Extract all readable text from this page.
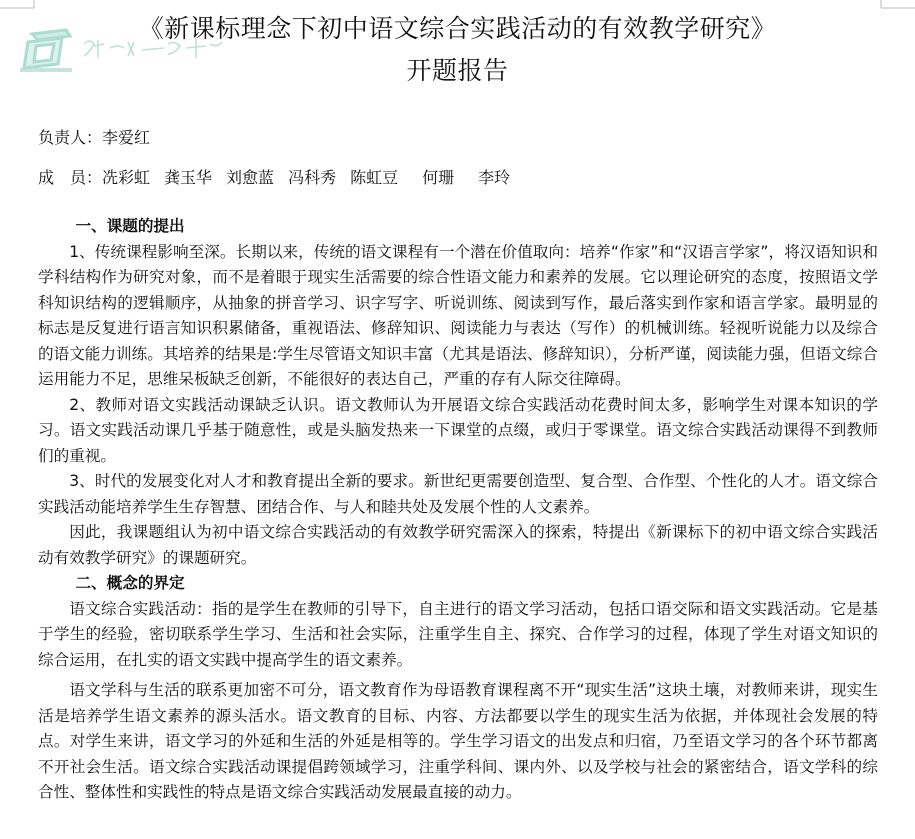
《新课标理念下初中语文综合实践活动的有效教学研究》
开题报告
负责人：李爱红
成　员：冼彩虹 龚玉华 刘愈蓝 冯科秀 陈虹豆 何珊 李玲
一、课题的提出

1、传统课程影响至深。长期以来，传统的语文课程有一个潜在价值取向：培养“作家”和“汉语言学家”，将汉语知识和学科结构作为研究对象，而不是着眼于现实生活需要的综合性语文能力和素养的发展。它以理论研究的态度，按照语文学科知识结构的逻辑顺序，从抽象的拼音学习、识字写字、听说训练、阅读到写作，最后落实到作家和语言学家。最明显的标志是反复进行语言知识积累储备，重视语法、修辞知识、阅读能力与表达（写作）的机械训练。轻视听说能力以及综合的语文能力训练。其培养的结果是:学生尽管语文知识丰富（尤其是语法、修辞知识），分析严谨，阅读能力强，但语文综合运用能力不足，思维呆板缺乏创新，不能很好的表达自己，严重的存有人际交往障碍。

2、教师对语文实践活动课缺乏认识。语文教师认为开展语文综合实践活动花费时间太多，影响学生对课本知识的学习。语文实践活动课几乎基于随意性，或是头脑发热来一下课堂的点缀，或归于零课堂。语文综合实践活动课得不到教师们的重视。

3、时代的发展变化对人才和教育提出全新的要求。新世纪更需要创造型、复合型、合作型、个性化的人才。语文综合实践活动能培养学生生存智慧、团结合作、与人和睦共处及发展个性的人文素养。

因此，我课题组认为初中语文综合实践活动的有效教学研究需深入的探索，特提出《新课标下的初中语文综合实践活动有效教学研究》的课题研究。

二、概念的界定

语文综合实践活动：指的是学生在教师的引导下，自主进行的语文学习活动，包括口语交际和语文实践活动。它是基于学生的经验，密切联系学生学习、生活和社会实际，注重学生自主、探究、合作学习的过程，体现了学生对语文知识的综合运用，在扎实的语文实践中提高学生的语文素养。

语文学科与生活的联系更加密不可分，语文教育作为母语教育课程离不开“现实生活”这块土壤，对教师来讲，现实生活是培养学生语文素养的源头活水。语文教育的目标、内容、方法都要以学生的现实生活为依据，并体现社会发展的特点。对学生来讲，语文学习的外延和生活的外延是相等的。学生学习语文的出发点和归宿，乃至语文学习的各个环节都离不开社会生活。语文综合实践活动课提倡跨领域学习，注重学科间、课内外、以及学校与社会的紧密结合，语文学科的综合性、整体性和实践性的特点是语文综合实践活动发展最直接的动力。
